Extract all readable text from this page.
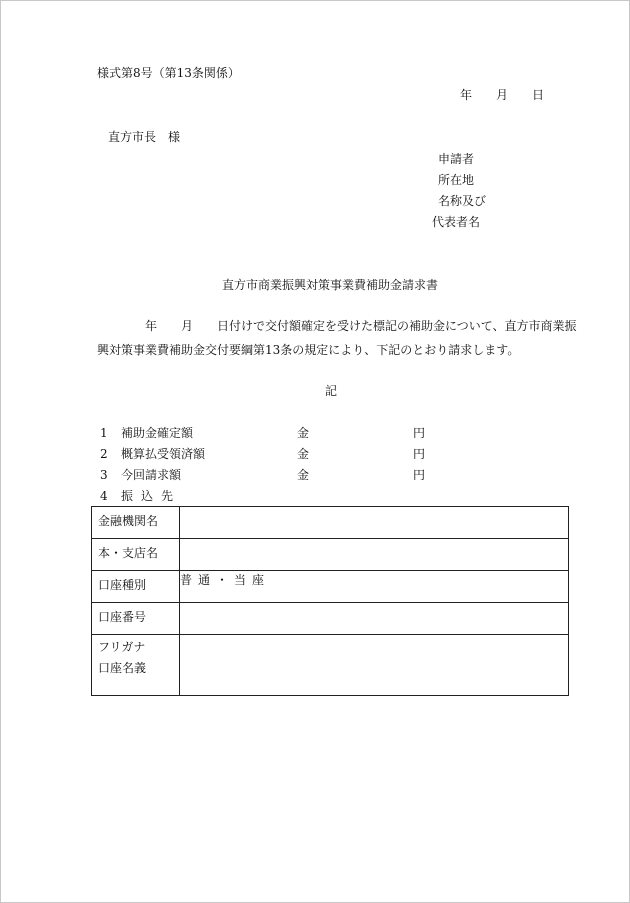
様式第8号（第13条関係）
年 月 日
直方市長　様
申請者
所在地
名称及び
代表者名
直方市商業振興対策事業費補助金請求書
年　　月　　日付けで交付額確定を受けた標記の補助金について、直方市商業振
興対策事業費補助金交付要綱第13条の規定により、下記のとおり請求します。
記
1 補助金確定額	金	円
2 概算払受領済額	金	円
3 今回請求額	金	円
4 振込先
金融機関名	
本・支店名	
口座種別	普通・当座
口座番号	

フリガナ
口座名義	
